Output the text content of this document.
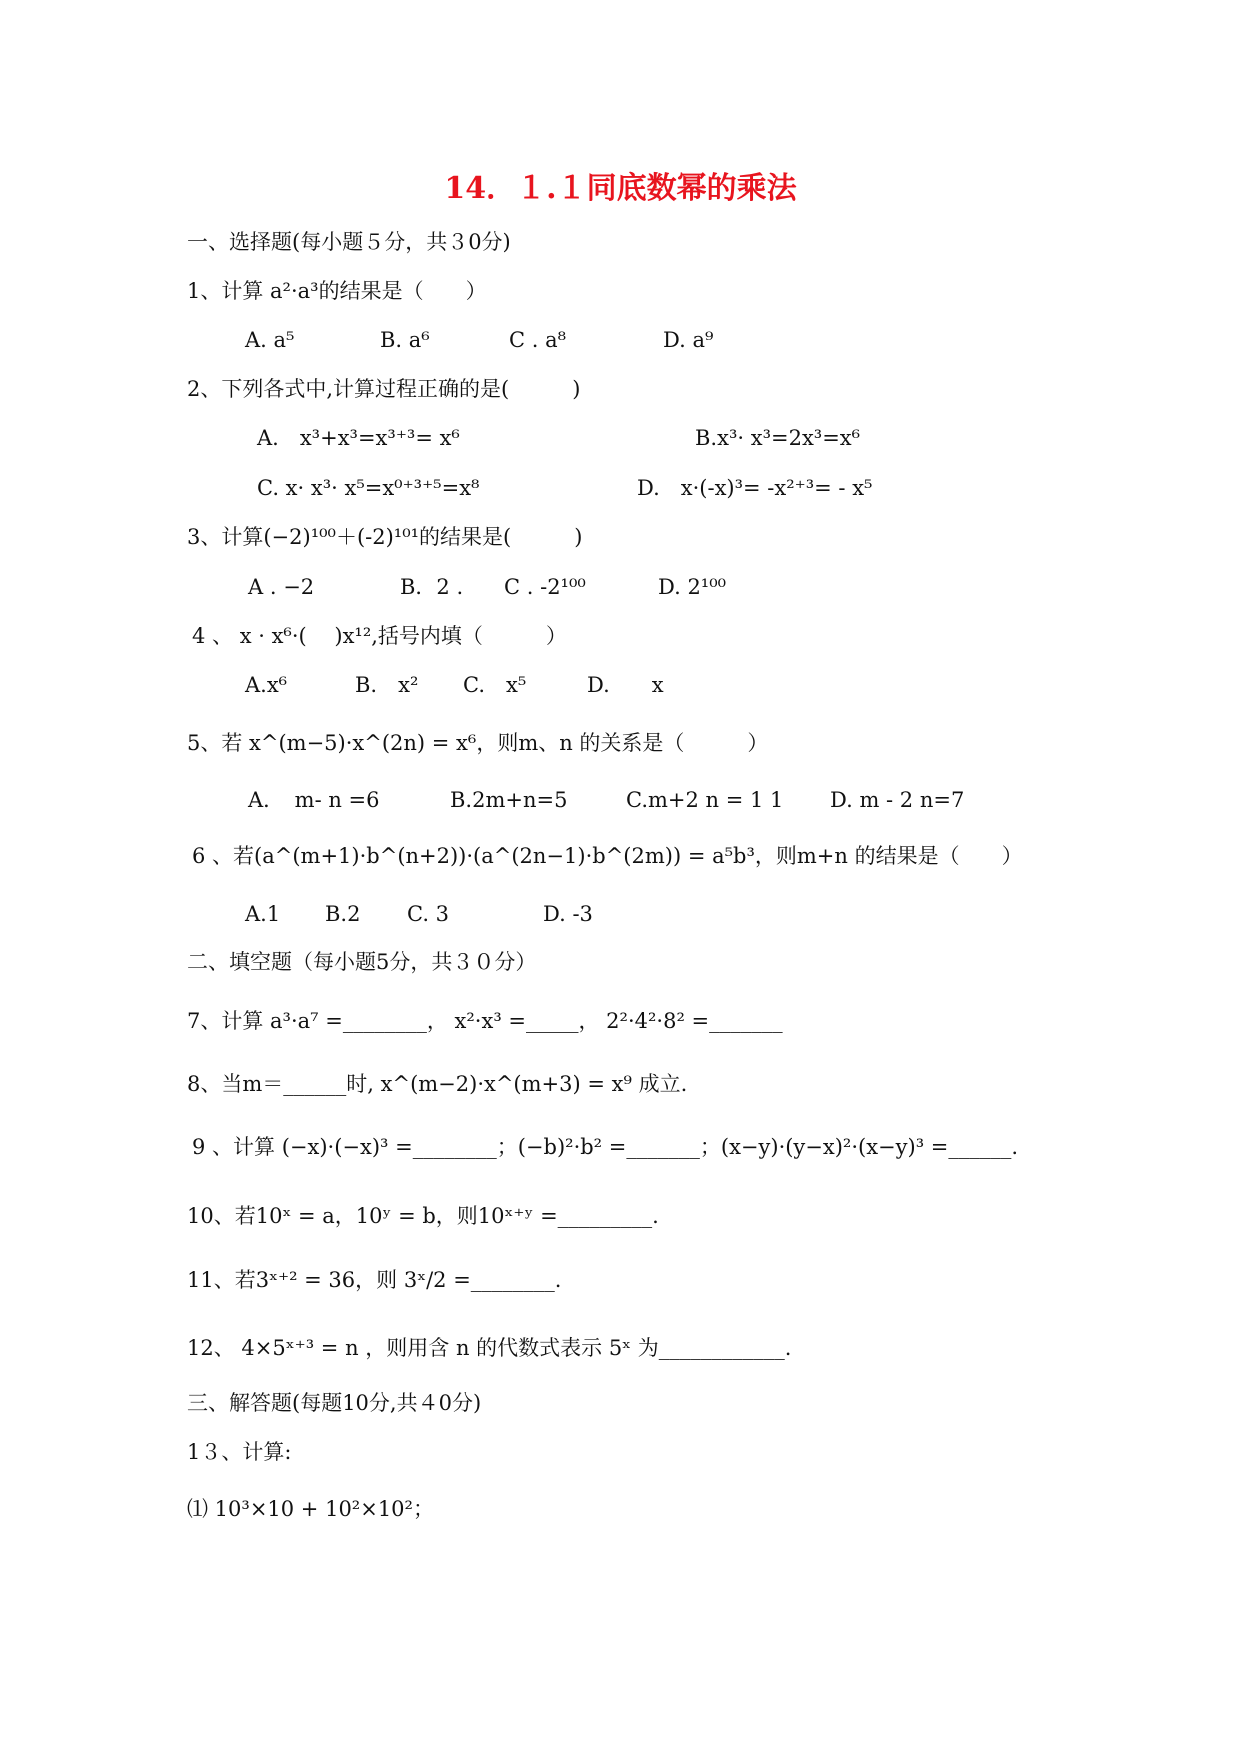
14．１.１同底数幂的乘法
一、选择题(每小题５分，共３0分)
1、计算 a²·a³的结果是（　　）
A. a⁵	B. a⁶	C . a⁸	D. a⁹
2、下列各式中,计算过程正确的是(　　　)
A.　x³+x³=x³⁺³= x⁶	B.x³· x³=2x³=x⁶
C. x· x³· x⁵=x⁰⁺³⁺⁵=x⁸	D.　x·(-x)³= -x²⁺³= - x⁵
3、计算(−2)¹⁰⁰＋(-2)¹⁰¹的结果是(　　　)
A . −2	B．2 . C . -2¹⁰⁰	D. 2¹⁰⁰
4 、 x · x⁶·(　 )x¹²,括号内填（　　　）
A.x⁶	B.　x² C.　x⁵	D.　　x
5、若 x^(m−5)·x^(2n) = x⁶，则m、n 的关系是（　　　）
A．　m- n =6	B.2m+n=5	C.m+2 n = 1 1 D. m - 2 n=7
6 、若(a^(m+1)·b^(n+2))·(a^(2n−1)·b^(2m)) = a⁵b³，则m+n 的结果是（　　）
A.1 B.2 C. 3	D. -3
二、填空题（每小题5分，共３０分）
7、计算 a³·a⁷ =________， x²·x³ =_____， 2²·4²·8² =_______
8、当m＝______时, x^(m−2)·x^(m+3) = x⁹ 成立.
9 、计算 (−x)·(−x)³ =________；(−b)²·b² =_______；(x−y)·(y−x)²·(x−y)³ =______.
10、若10ˣ = a，10ʸ = b，则10ˣ⁺ʸ =_________.
11、若3ˣ⁺² = 36，则 3ˣ/2 =________.
12、 4×5ˣ⁺³ = n ，则用含 n 的代数式表示 5ˣ 为____________.
三、解答题(每题10分,共４0分)
1３、计算:
⑴ 10³×10 + 10²×10²；
